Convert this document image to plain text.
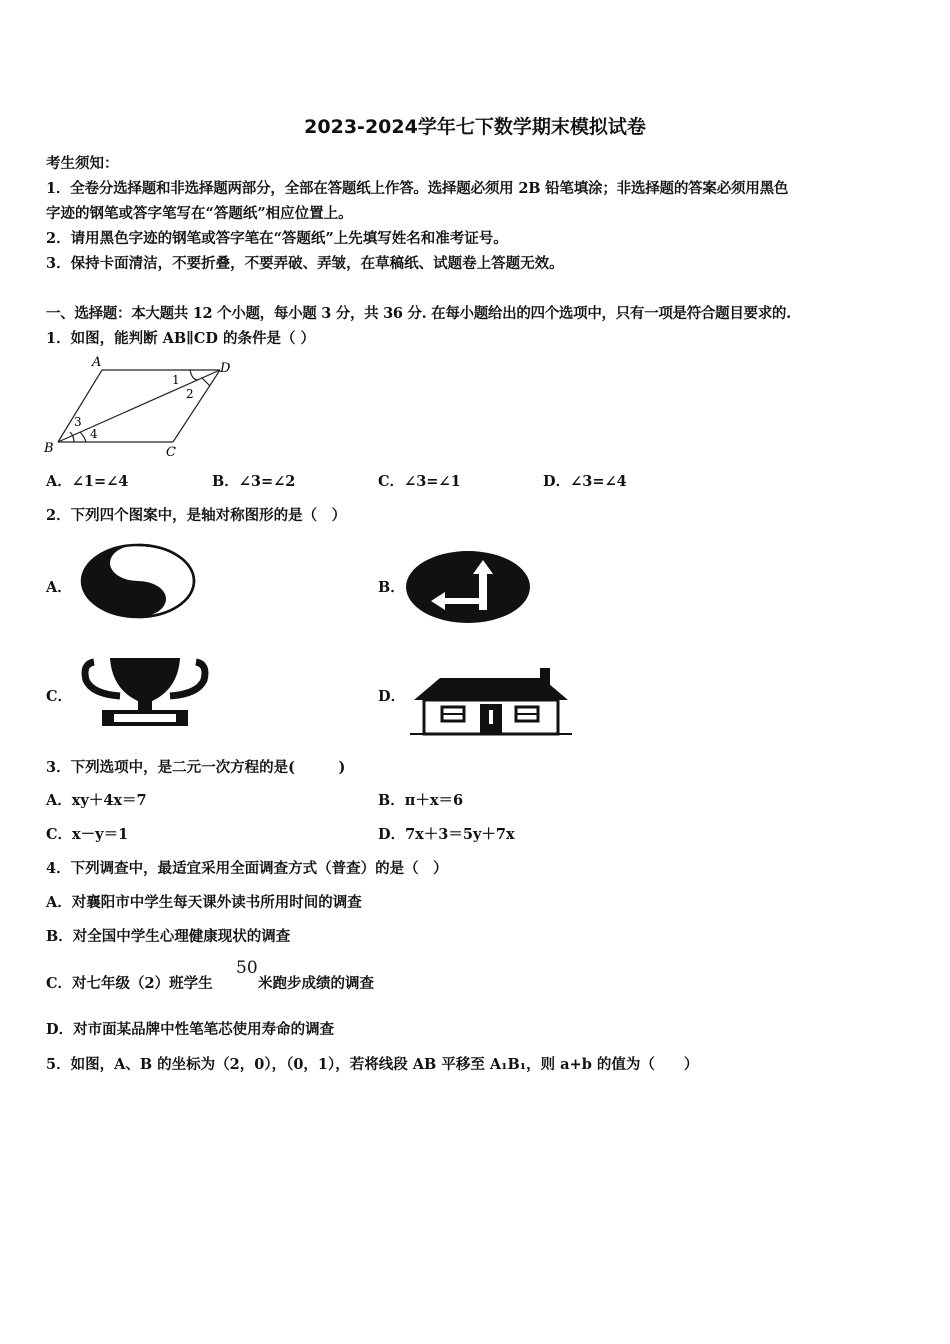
2023-2024学年七下数学期末模拟试卷
考生须知：
1．全卷分选择题和非选择题两部分，全部在答题纸上作答。选择题必须用 2B 铅笔填涂；非选择题的答案必须用黑色
字迹的钢笔或答字笔写在“答题纸”相应位置上。
2．请用黑色字迹的钢笔或答字笔在“答题纸”上先填写姓名和准考证号。
3．保持卡面清洁，不要折叠，不要弄破、弄皱，在草稿纸、试题卷上答题无效。
一、选择题：本大题共 12 个小题，每小题 3 分，共 36 分. 在每小题给出的四个选项中，只有一项是符合题目要求的.
1．如图，能判断 AB∥CD 的条件是（ ）
A	D
B	C
1
2
3
4
A．∠1=∠4	B．∠3=∠2	C．∠3=∠1	D．∠3=∠4
2．下列四个图案中，是轴对称图形的是（　）
A．	B．
C．	D．
3．下列选项中，是二元一次方程的是(　　　)
A．xy＋4x＝7	B．π＋x＝6
C．x－y＝1	D．7x＋3＝5y＋7x
4．下列调查中，最适宜采用全面调查方式（普查）的是（　）
A．对襄阳市中学生每天课外读书所用时间的调查
B．对全国中学生心理健康现状的调查
C．对七年级（2）班学生
50
米跑步成绩的调查
D．对市面某品牌中性笔笔芯使用寿命的调查
5．如图，A、B 的坐标为（2，0），（0，1），若将线段 AB 平移至 A₁B₁，则 a+b 的值为（　　）
